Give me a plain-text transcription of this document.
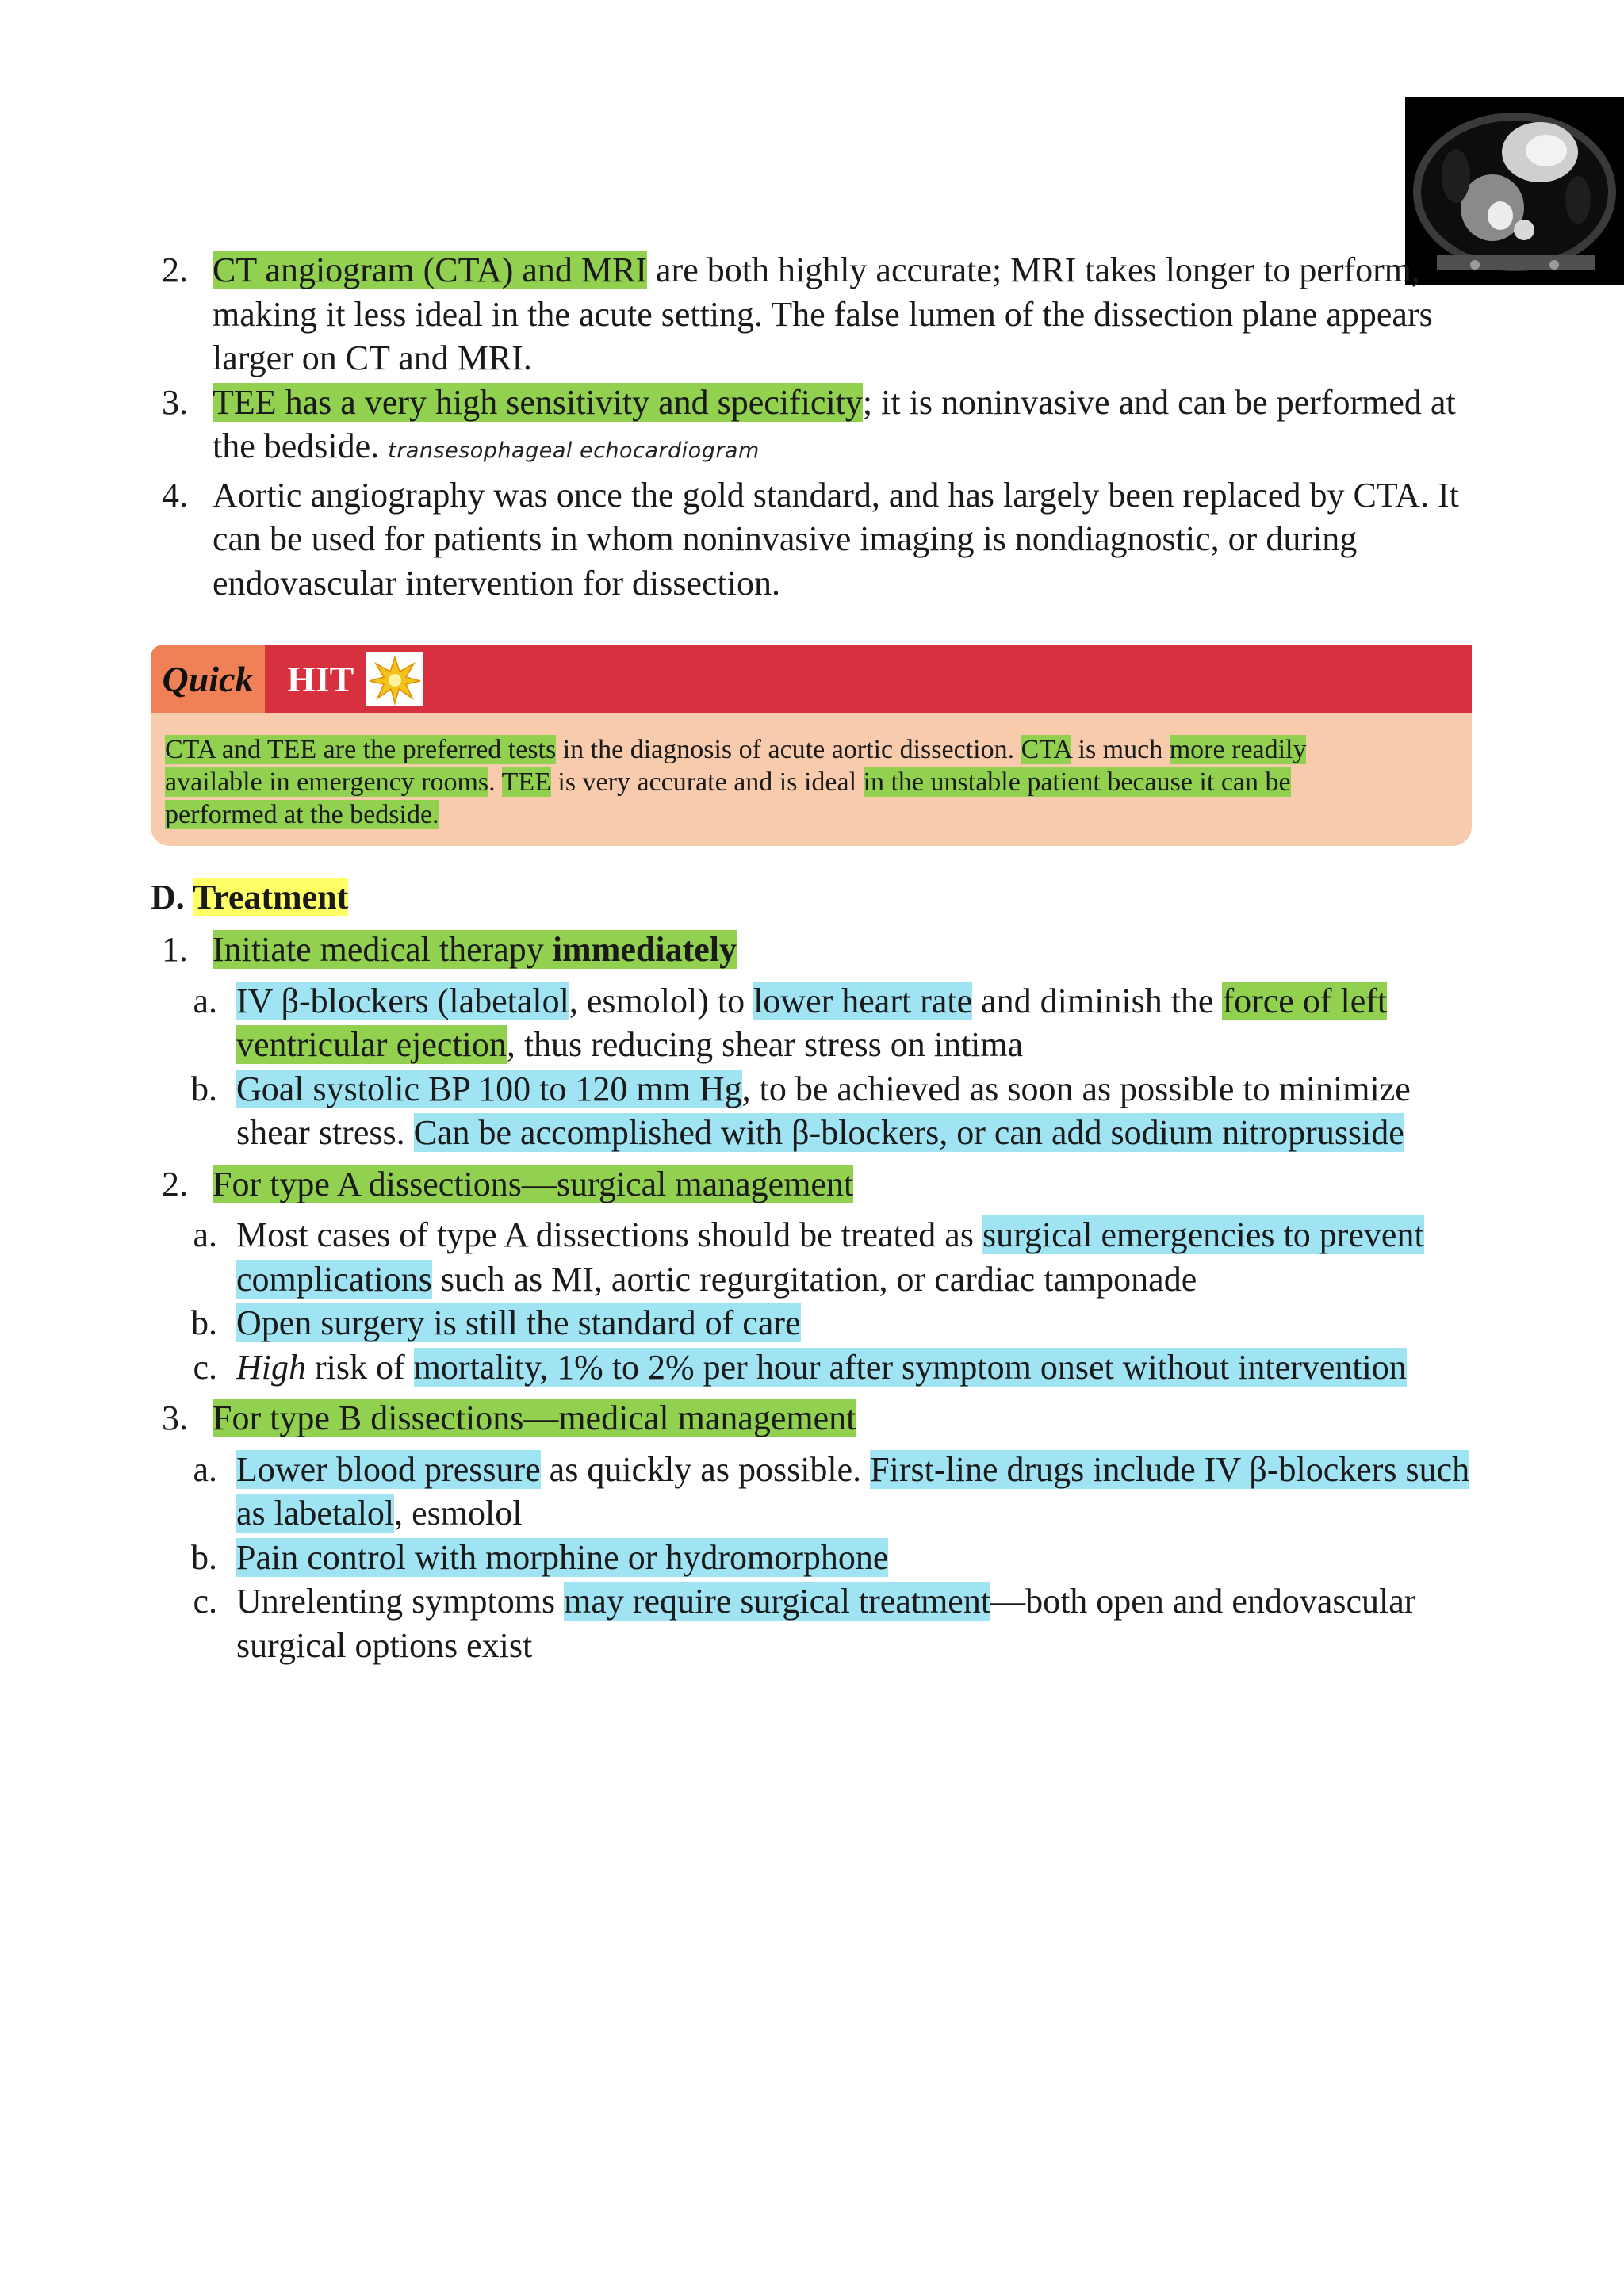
2. CT angiogram (CTA) and MRI are both highly accurate; MRI takes longer to perform, making it less ideal in the acute setting. The false lumen of the dissection plane appears larger on CT and MRI.
3. TEE has a very high sensitivity and specificity; it is noninvasive and can be performed at the bedside. transesophageal echocardiogram
4. Aortic angiography was once the gold standard, and has largely been replaced by CTA. It can be used for patients in whom noninvasive imaging is nondiagnostic, or during endovascular intervention for dissection.
Quick HIT
CTA and TEE are the preferred tests in the diagnosis of acute aortic dissection. CTA is much more readily available in emergency rooms. TEE is very accurate and is ideal in the unstable patient because it can be performed at the bedside.
D. Treatment
1. Initiate medical therapy immediately
a. IV β-blockers (labetalol, esmolol) to lower heart rate and diminish the force of left ventricular ejection, thus reducing shear stress on intima
b. Goal systolic BP 100 to 120 mm Hg, to be achieved as soon as possible to minimize shear stress. Can be accomplished with β-blockers, or can add sodium nitroprusside
2. For type A dissections—surgical management
a. Most cases of type A dissections should be treated as surgical emergencies to prevent complications such as MI, aortic regurgitation, or cardiac tamponade
b. Open surgery is still the standard of care
c. High risk of mortality, 1% to 2% per hour after symptom onset without intervention
3. For type B dissections—medical management
a. Lower blood pressure as quickly as possible. First-line drugs include IV β-blockers such as labetalol, esmolol
b. Pain control with morphine or hydromorphone
c. Unrelenting symptoms may require surgical treatment—both open and endovascular surgical options exist
